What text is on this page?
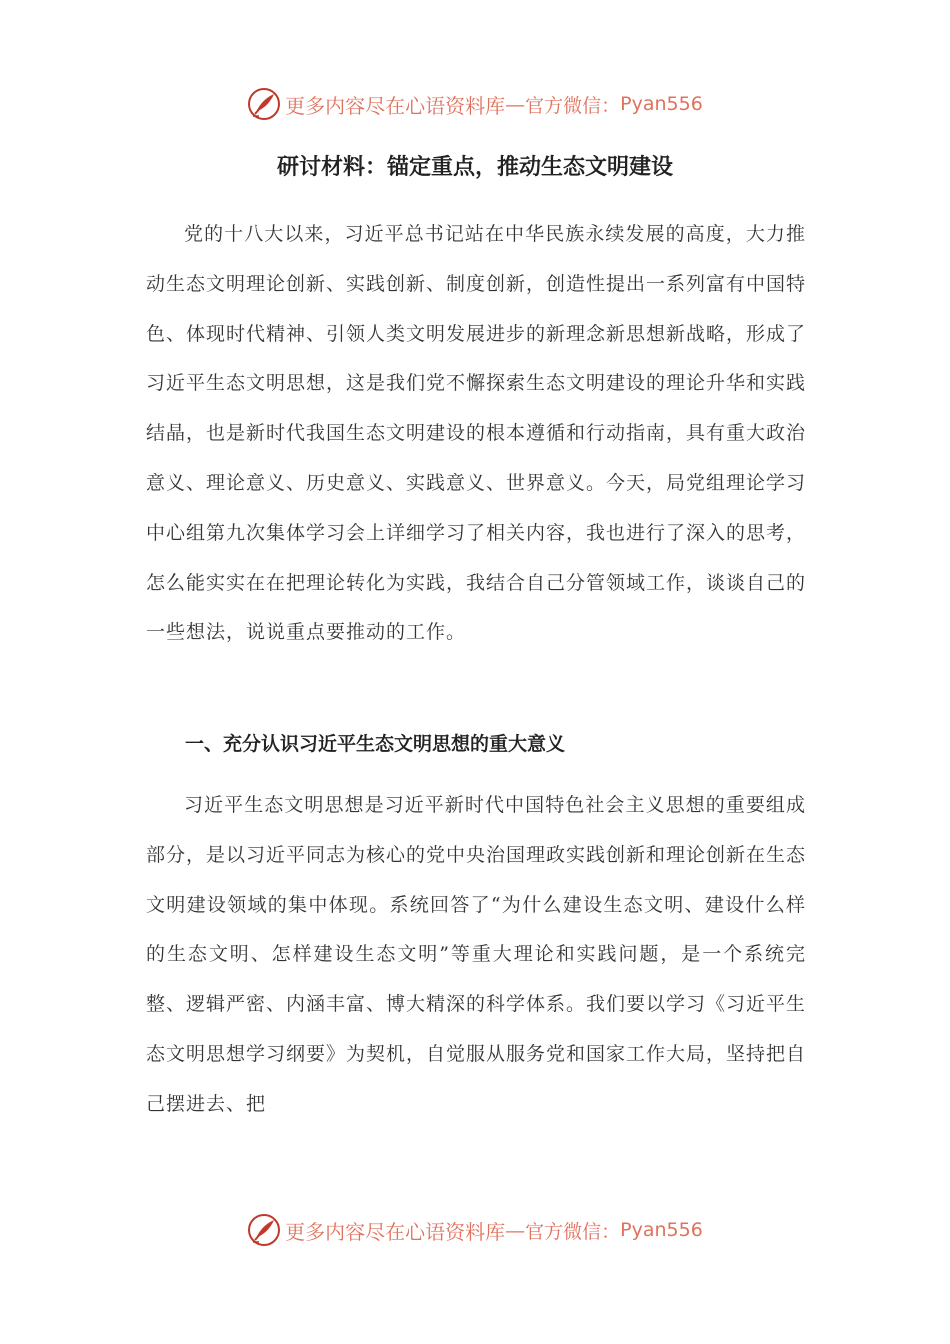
更多内容尽在心语资料库 — 官方微信： Pyan556
研讨材料：锚定重点，推动生态文明建设

党的十八大以来，习近平总书记站在中华民族永续发展的高度，大力推动生态文明理论创新、实践创新、制度创新，创造性提出一系列富有中国特色、体现时代精神、引领人类文明发展进步的新理念新思想新战略，形成了习近平生态文明思想，这是我们党不懈探索生态文明建设的理论升华和实践结晶，也是新时代我国生态文明建设的根本遵循和行动指南，具有重大政治意义、理论意义、历史意义、实践意义、世界意义。今天，局党组理论学习中心组第九次集体学习会上详细学习了相关内容，我也进行了深入的思考，怎么能实实在在把理论转化为实践，我结合自己分管领域工作，谈谈自己的一些想法，说说重点要推动的工作。

一、充分认识习近平生态文明思想的重大意义

习近平生态文明思想是习近平新时代中国特色社会主义思想的重要组成部分，是以习近平同志为核心的党中央治国理政实践创新和理论创新在生态文明建设领域的集中体现。系统回答了“为什么建设生态文明、建设什么样的生态文明、怎样建设生态文明”等重大理论和实践问题，是一个系统完整、逻辑严密、内涵丰富、博大精深的科学体系。我们要以学习《习近平生态文明思想学习纲要》为契机，自觉服从服务党和国家工作大局，坚持把自己摆进去、把

更多内容尽在心语资料库 — 官方微信： Pyan556
